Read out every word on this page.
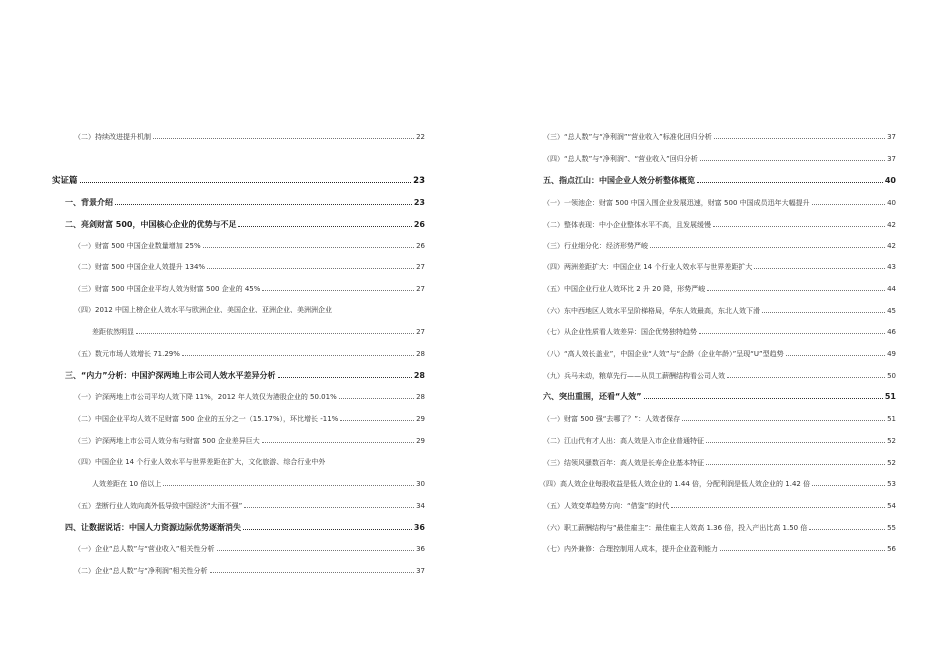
（二）持续改进提升机制	22
实证篇	23
一、背景介绍	23
二、亮剑财富 500，中国核心企业的优势与不足	26
（一）财富 500 中国企业数量增加 25%	26
（二）财富 500 中国企业人效提升 134%	27
（三）财富 500 中国企业平均人效为财富 500 企业的 45%	27
（四）2012 中国上榜企业人效水平与欧洲企业、美国企业、亚洲企业、美洲洲企业
差距依然明显	27
（五）数元市场人效增长 71.29%	28
三、“内力”分析：中国沪深两地上市公司人效水平差异分析	28
（一）沪深两地上市公司平均人效下降 11%，2012 年人效仅为港股企业的 50.01%	28
（二）中国企业平均人效不足财富 500 企业的五分之一（15.17%），环比增长 -11%	29
（三）沪深两地上市公司人效分布与财富 500 企业差异巨大	29
（四）中国企业 14 个行业人效水平与世界差距在扩大，文化旅游、综合行业中外
人效差距在 10 倍以上	30
（五）垄断行业人效向高外低导致中国经济“大而不强”	34
四、让数据说话：中国人力资源边际优势逐渐消失	36
（一）企业“总人数”与“营业收入”相关性分析	36
（二）企业“总人数”与“净利润”相关性分析	37
（三）“总人数”与“净利润”“营业收入”标准化回归分析	37
（四）“总人数”与“净利润”、“营业收入”回归分析	37
五、指点江山：中国企业人效分析整体概览	40
（一）一领池企：财富 500 中国入围企业发展迅速，财富 500 中国成员迅年大幅提升	40
（二）整体表现：中小企业整体水平不高，且发展缓慢	42
（三）行业细分化：经济形势严峻	42
（四）两洲差距扩大：中国企业 14 个行业人效水平与世界差距扩大	43
（五）中国企业行业人效环比 2 升 20 降，形势严峻	44
（六）东中西地区人效水平呈阶梯格局，华东人效最高，东北人效下滑	45
（七）从企业性质看人效差异：国企优势独特趋势	46
（八）“高人效长盖业”，中国企业“人效”与“企龄（企业年龄）”呈现“U”型趋势	49
（九）兵马未动，粮草先行——从员工薪酬结构看公司人效	50
六、突出重围，还看“人效”	51
（一）财富 500 强“去哪了？”：人效者保存	51
（二）江山代有才人出：高人效是入市企业普通特征	52
（三）结领风骚数百年：高人效是长寿企业基本特征	52
（四）高人效企业每股收益是低人效企业的 1.44 倍，分配利润是低人效企业的 1.42 倍	53
（五）人效变革趋势方向：“借鉴”的时代	54
（六）职工薪酬结构与“最佳雇主”：最佳雇主人效高 1.36 倍，投入产出比高 1.50 倍	55
（七）内外兼修：合理控制用人成本，提升企业盈利能力	56
